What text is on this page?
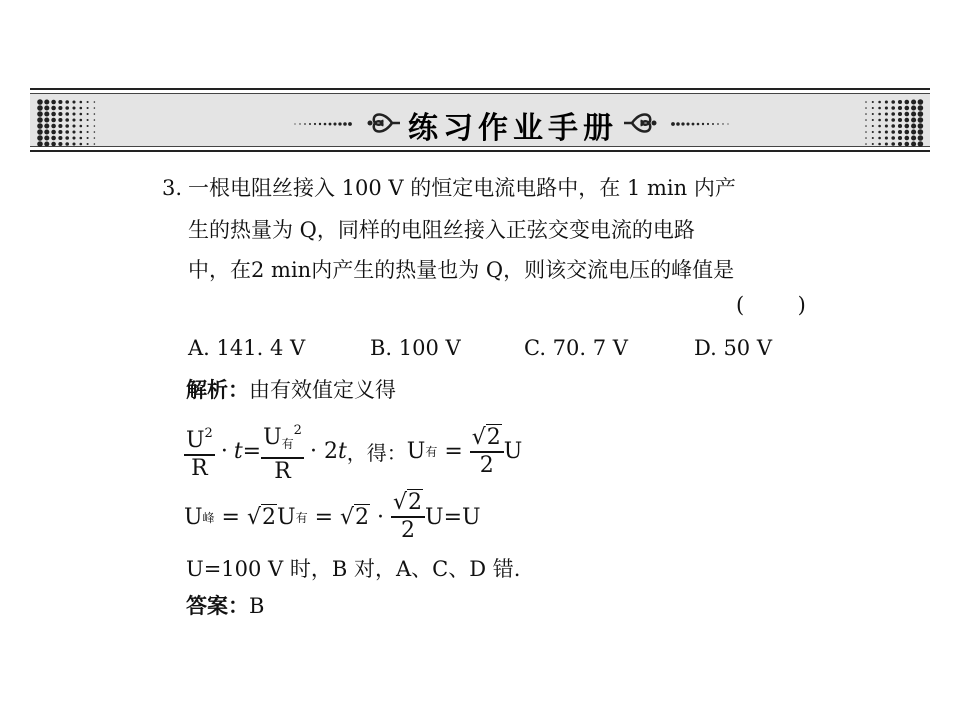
练习作业手册
3. 一根电阻丝接入 100 V 的恒定电流电路中，在 1 min 内产
生的热量为 Q，同样的电阻丝接入正弦交变电流的电路
中，在2 min内产生的热量也为 Q，则该交流电压的峰值是
(        )
A. 141. 4 V	B. 100 V	C. 70. 7 V	D. 50 V
解析：由有效值定义得
$\frac{U^2}{R} \cdot t = \frac{U_有^2}{R} \cdot 2$ t ，得： U 有 = $\frac{√2}{2}$ U
U 峰 = √2 U 有 = $√2 \cdot \frac{√2}{2} U=U$
U=100 V 时，B 对，A、C、D 错.
答案：B
